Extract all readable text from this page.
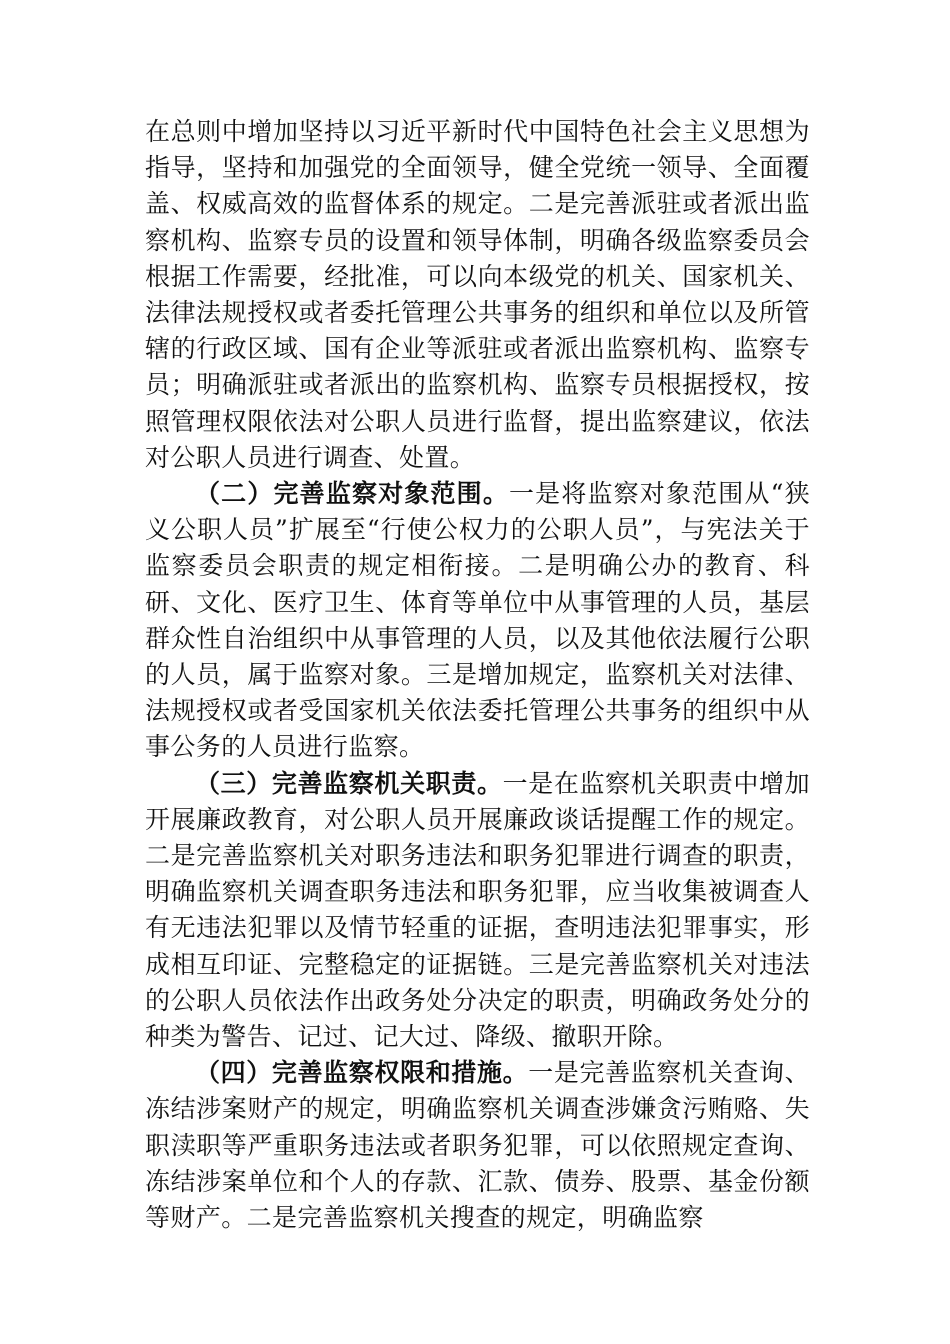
在总则中增加坚持以习近平新时代中国特色社会主义思想为指导，坚持和加强党的全面领导，健全党统一领导、全面覆盖、权威高效的监督体系的规定。二是完善派驻或者派出监察机构、监察专员的设置和领导体制，明确各级监察委员会根据工作需要，经批准，可以向本级党的机关、国家机关、法律法规授权或者委托管理公共事务的组织和单位以及所管辖的行政区域、国有企业等派驻或者派出监察机构、监察专员；明确派驻或者派出的监察机构、监察专员根据授权，按照管理权限依法对公职人员进行监督，提出监察建议，依法对公职人员进行调查、处置。

（二）完善监察对象范围。一是将监察对象范围从“狭义公职人员”扩展至“行使公权力的公职人员”，与宪法关于监察委员会职责的规定相衔接。二是明确公办的教育、科研、文化、医疗卫生、体育等单位中从事管理的人员，基层群众性自治组织中从事管理的人员，以及其他依法履行公职的人员，属于监察对象。三是增加规定，监察机关对法律、法规授权或者受国家机关依法委托管理公共事务的组织中从事公务的人员进行监察。

（三）完善监察机关职责。一是在监察机关职责中增加开展廉政教育，对公职人员开展廉政谈话提醒工作的规定。二是完善监察机关对职务违法和职务犯罪进行调查的职责，明确监察机关调查职务违法和职务犯罪，应当收集被调查人有无违法犯罪以及情节轻重的证据，查明违法犯罪事实，形成相互印证、完整稳定的证据链。三是完善监察机关对违法的公职人员依法作出政务处分决定的职责，明确政务处分的种类为警告、记过、记大过、降级、撤职开除。

（四）完善监察权限和措施。一是完善监察机关查询、冻结涉案财产的规定，明确监察机关调查涉嫌贪污贿赂、失职渎职等严重职务违法或者职务犯罪，可以依照规定查询、冻结涉案单位和个人的存款、汇款、债券、股票、基金份额等财产。二是完善监察机关搜查的规定，明确监察
